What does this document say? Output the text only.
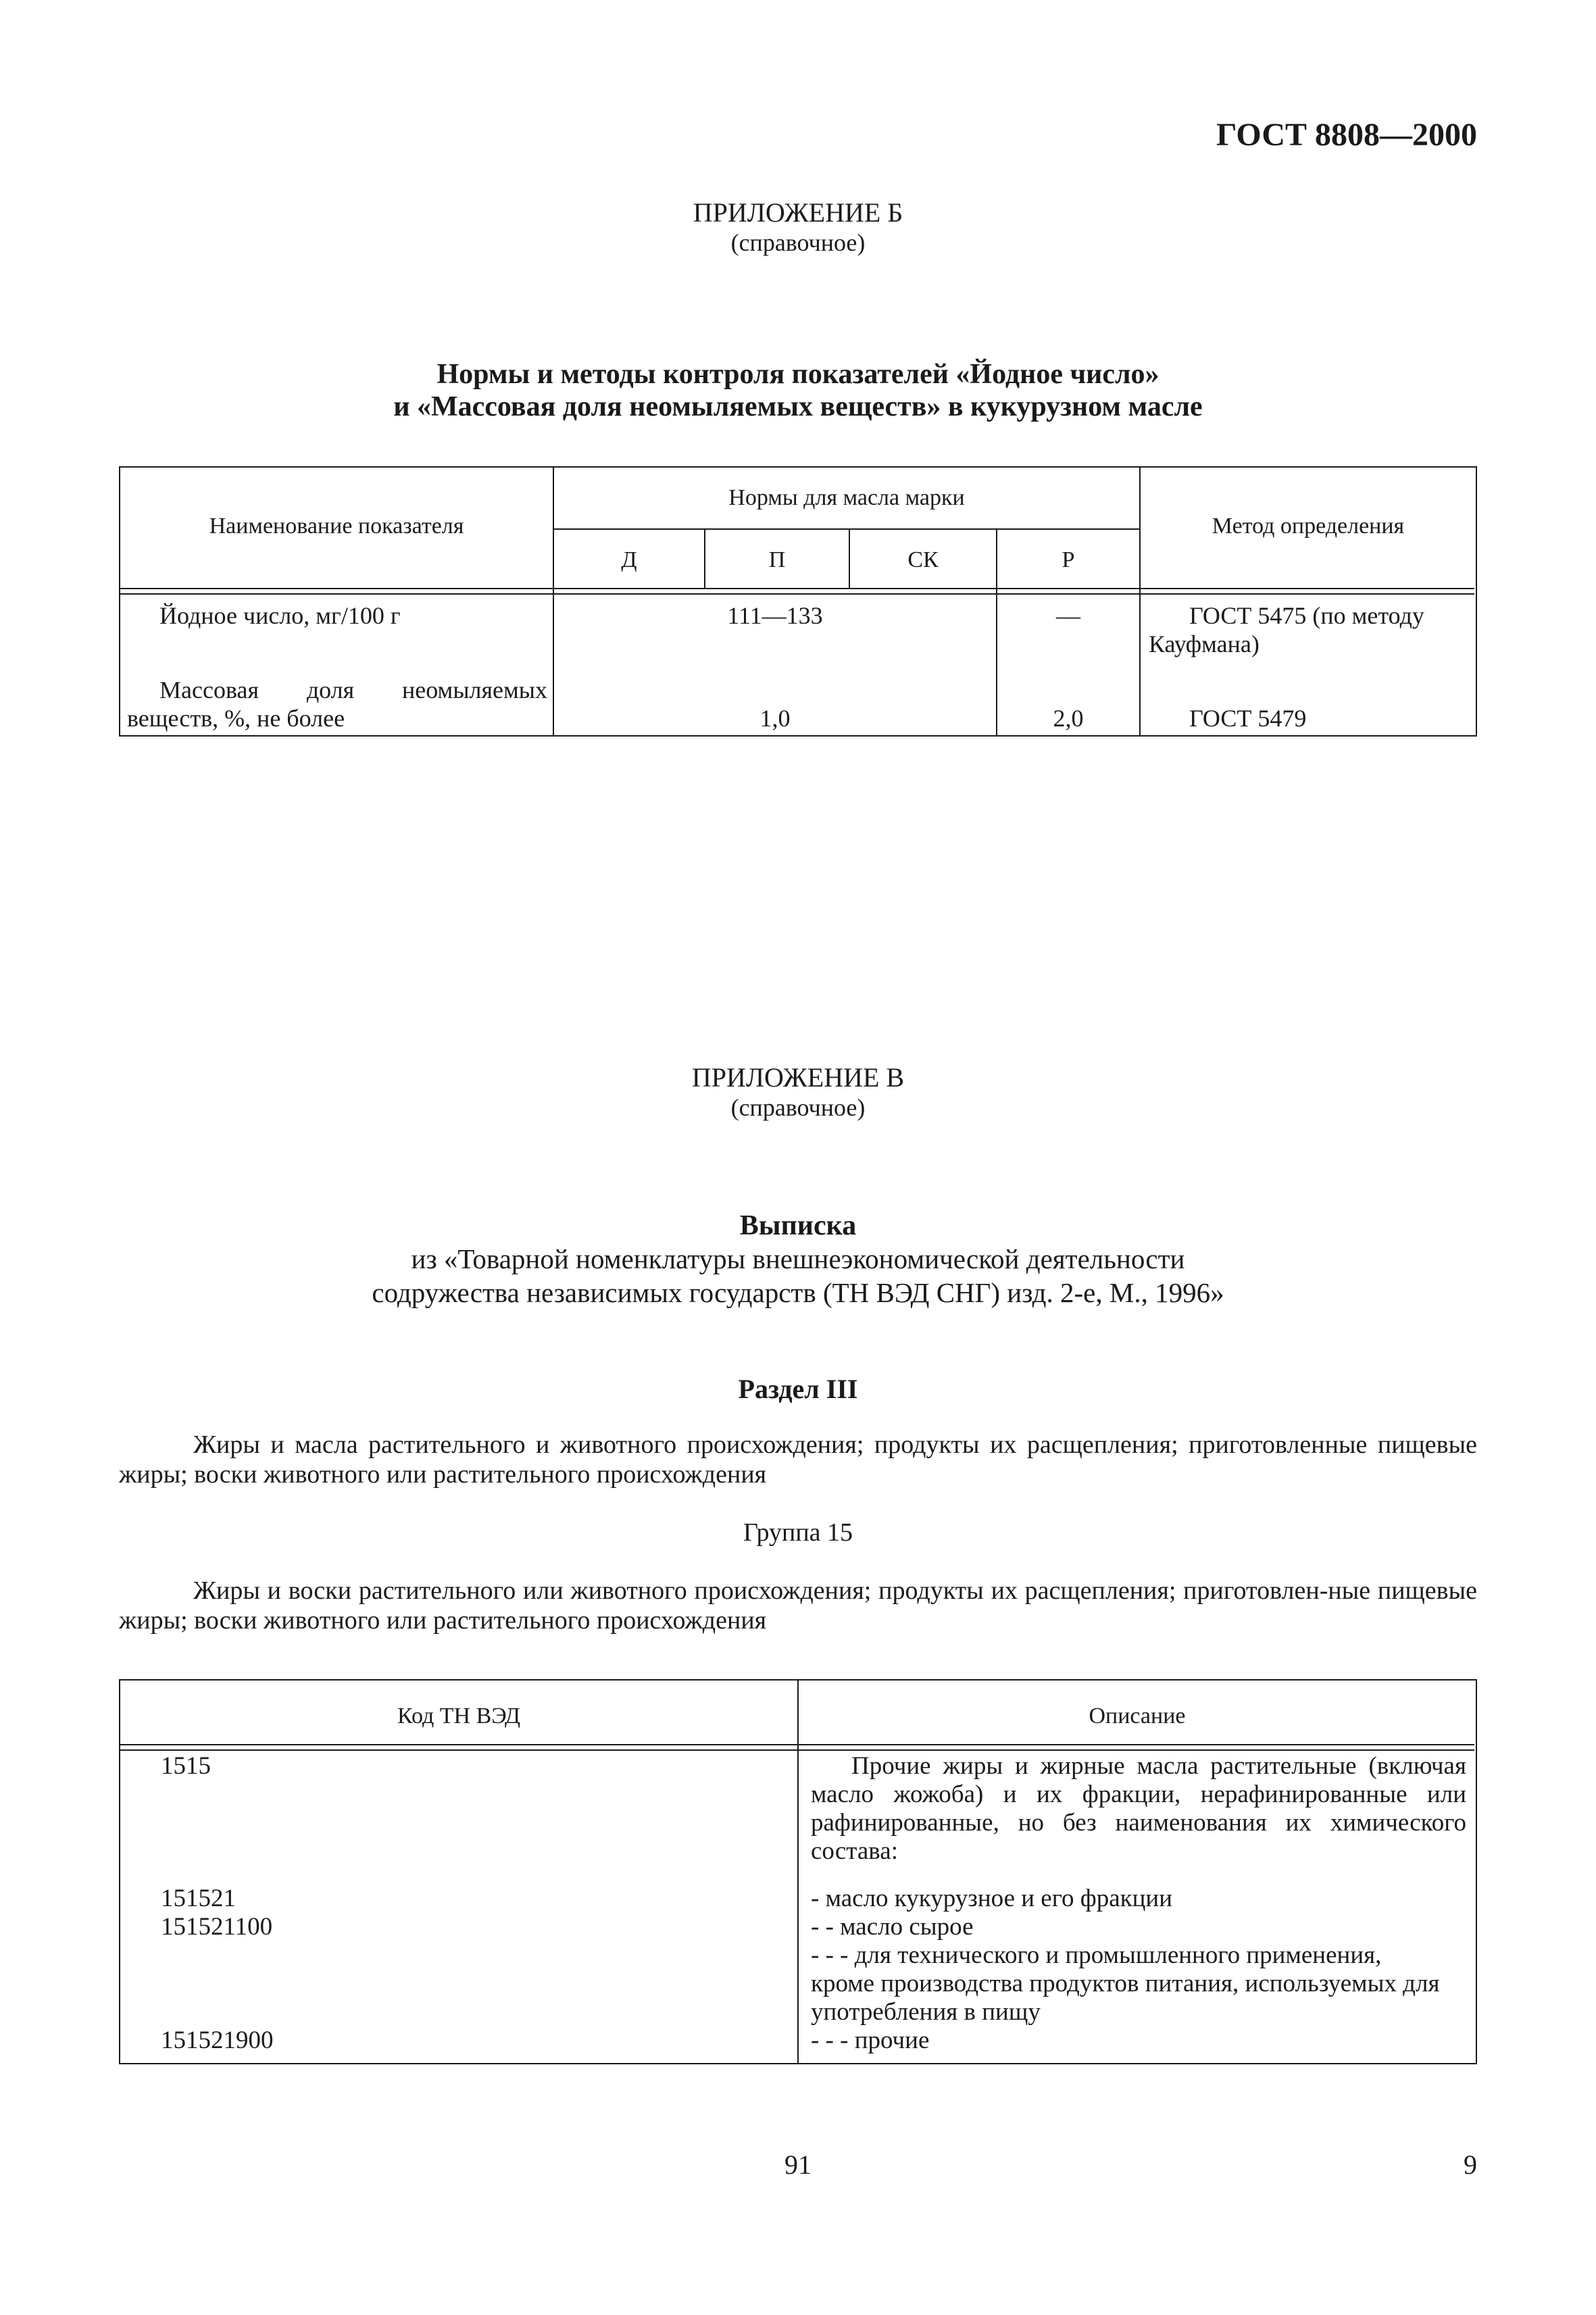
ГОСТ 8808—2000
ПРИЛОЖЕНИЕ Б
(справочное)
Нормы и методы контроля показателей «Йодное число»
и «Массовая доля неомыляемых веществ» в кукурузном масле
Наименование показателя
Нормы для масла марки
Метод определения
Д	П	СК	Р
Йодное число, мг/100 г	111—133	—	ГОСТ 5475 (по методу Кауфмана)
Массовая доля неомыляемых
веществ, %, не более	1,0	2,0	ГОСТ 5479
ПРИЛОЖЕНИЕ В
(справочное)
Выписка
из «Товарной номенклатуры внешнеэкономической деятельности
содружества независимых государств (ТН ВЭД СНГ) изд. 2-е, М., 1996»
Раздел III
Жиры и масла растительного и животного происхождения; продукты их расщепления; приготовленные пищевые жиры; воски животного или растительного происхождения
Группа 15
Жиры и воски растительного или животного происхождения; продукты их расщепления; приготовлен-ные пищевые жиры; воски животного или растительного происхождения
Код ТН ВЭД	Описание
1515	Прочие жиры и жирные масла растительные (включая масло жожоба) и их фракции, нерафинированные или рафинированные, но без наименования их химического состава:
151521	- масло кукурузное и его фракции
151521100	- - масло сырое
- - - для технического и промышленного применения, кроме производства продуктов питания, используемых для употребления в пищу
151521900	- - - прочие
91	9
